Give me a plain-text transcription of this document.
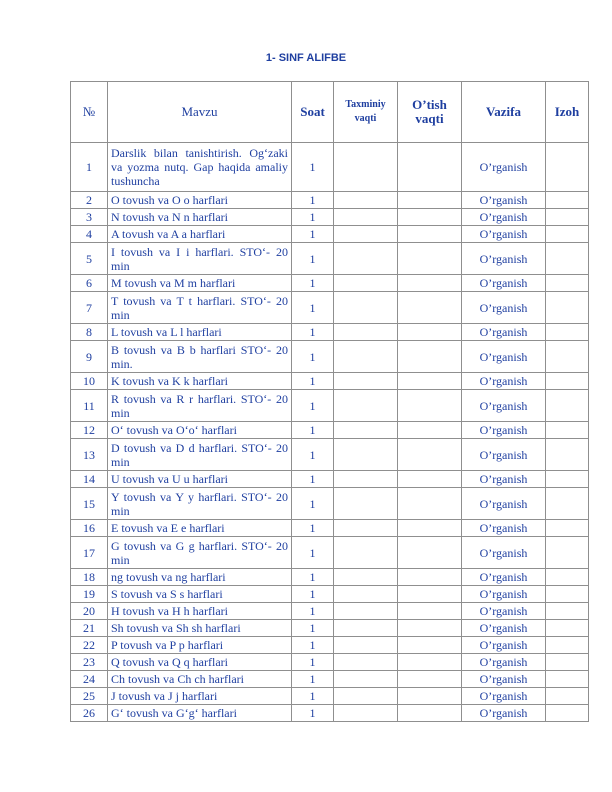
1- SINF ALIFBE
№	Mavzu	Soat	Taxminiy vaqti	O’tish vaqti	Vazifa	Izoh
1	Darslik bilan tanishtirish. Og‘zaki va yozma nutq. Gap haqida amaliy tushuncha	1			O’rganish	
2	O tovush va O o harflari	1			O’rganish	
3	N tovush va N n harflari	1			O’rganish	
4	A tovush va A a harflari	1			O’rganish	
5	I tovush va I i harflari. STO‘- 20 min	1			O’rganish	
6	M tovush va M m harflari	1			O’rganish	
7	T tovush va T t harflari. STO‘- 20 min	1			O’rganish	
8	L tovush va L l harflari	1			O’rganish	
9	B tovush va B b harflari STO‘- 20 min.	1			O’rganish	
10	K tovush va K k harflari	1			O’rganish	
11	R tovush va R r harflari. STO‘- 20 min	1			O’rganish	
12	O‘ tovush va O‘o‘ harflari	1			O’rganish	
13	D tovush va D d harflari. STO‘- 20 min	1			O’rganish	
14	U tovush va U u harflari	1			O’rganish	
15	Y tovush va Y y harflari. STO‘- 20 min	1			O’rganish	
16	E tovush va E e harflari	1			O’rganish	
17	G tovush va G g harflari. STO‘- 20 min	1			O’rganish	
18	ng tovush va ng harflari	1			O’rganish	
19	S tovush va S s harflari	1			O’rganish	
20	H tovush va H h harflari	1			O’rganish	
21	Sh tovush va Sh sh harflari	1			O’rganish	
22	P tovush va P p harflari	1			O’rganish	
23	Q tovush va Q q harflari	1			O’rganish	
24	Ch tovush va Ch ch harflari	1			O’rganish	
25	J tovush va J j harflari	1			O’rganish	
26	G‘ tovush va G‘g‘ harflari	1			O’rganish	
